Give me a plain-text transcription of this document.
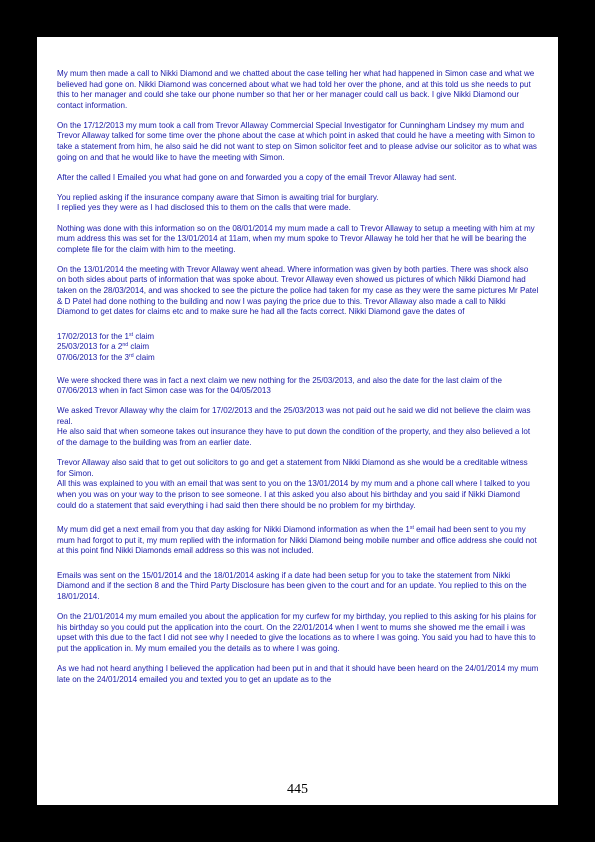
My mum then made a call to Nikki Diamond and we chatted about the case telling her what had happened in Simon case and what we believed had gone on. Nikki Diamond was concerned about what we had told her over the phone, and at this told us she needs to put this to her manager and could she take our phone number so that her or her manager could call us back. I give Nikki Diamond our contact information.

On the 17/12/2013 my mum took a call from Trevor Allaway Commercial Special Investigator for Cunningham Lindsey my mum and Trevor Allaway talked for some time over the phone about the case at which point in asked that could he have a meeting with Simon to take a statement from him, he also said he did not want to step on Simon solicitor feet and to please advise our solicitor as to what was going on and that he would like to have the meeting with Simon.

After the called I Emailed you what had gone on and forwarded you a copy of the email Trevor Allaway had sent.

You replied asking if the insurance company aware that Simon is awaiting trial for burglary.
I replied yes they were as I had disclosed this to them on the calls that were made.

Nothing was done with this information so on the 08/01/2014 my mum made a call to Trevor Allaway to setup a meeting with him at my mum address this was set for the 13/01/2014 at 11am, when my mum spoke to Trevor Allaway he told her that he will be bearing the complete file for the claim with him to the meeting.

On the 13/01/2014 the meeting with Trevor Allaway went ahead. Where information was given by both parties. There was shock also on both sides about parts of information that was spoke about. Trevor Allaway even showed us pictures of which Nikki Diamond had taken on the 28/03/2014, and was shocked to see the picture the police had taken for my case as they were the same pictures Mr Patel & D Patel had done nothing to the building and now I was paying the price due to this. Trevor Allaway also made a call to Nikki Diamond to get dates for claims etc and to make sure he had all the facts correct. Nikki Diamond gave the dates of

17/02/2013 for the 1st claim
25/03/2013 for a 2nd claim
07/06/2013 for the 3rd claim

We were shocked there was in fact a next claim we new nothing for the 25/03/2013, and also the date for the last claim of the 07/06/2013 when in fact Simon case was for the 04/05/2013

We asked Trevor Allaway why the claim for 17/02/2013 and the 25/03/2013 was not paid out he said we did not believe the claim was real.
He also said that when someone takes out insurance they have to put down the condition of the property, and they also believed a lot of the damage to the building was from an earlier date.

Trevor Allaway also said that to get out solicitors to go and get a statement from Nikki Diamond as she would be a creditable witness for Simon.
All this was explained to you with an email that was sent to you on the 13/01/2014 by my mum and a phone call where I talked to you when you was on your way to the prison to see someone. I at this asked you also about his birthday and you said if Nikki Diamond could do a statement that said everything i had said then there should be no problem for my birthday.

My mum did get a next email from you that day asking for Nikki Diamond information as when the 1st email had been sent to you my mum had forgot to put it, my mum replied with the information for Nikki Diamond being mobile number and office address she could not at this point find Nikki Diamonds email address so this was not included.

Emails was sent on the 15/01/2014 and the 18/01/2014 asking if a date had been setup for you to take the statement from Nikki Diamond and if the section 8 and the Third Party Disclosure has been given to the court and for an update. You replied to this on the 18/01/2014.

On the 21/01/2014 my mum emailed you about the application for my curfew for my birthday, you replied to this asking for his plains for his birthday so you could put the application into the court. On the 22/01/2014 when I went to mums she showed me the email i was upset with this due to the fact I did not see why I needed to give the locations as to where I was going. You said you had to have this to put the application in. My mum emailed you the details as to where I was going.

As we had not heard anything I believed the application had been put in and that it should have been heard on the 24/01/2014 my mum late on the 24/01/2014 emailed you and texted you to get an update as to the

445
